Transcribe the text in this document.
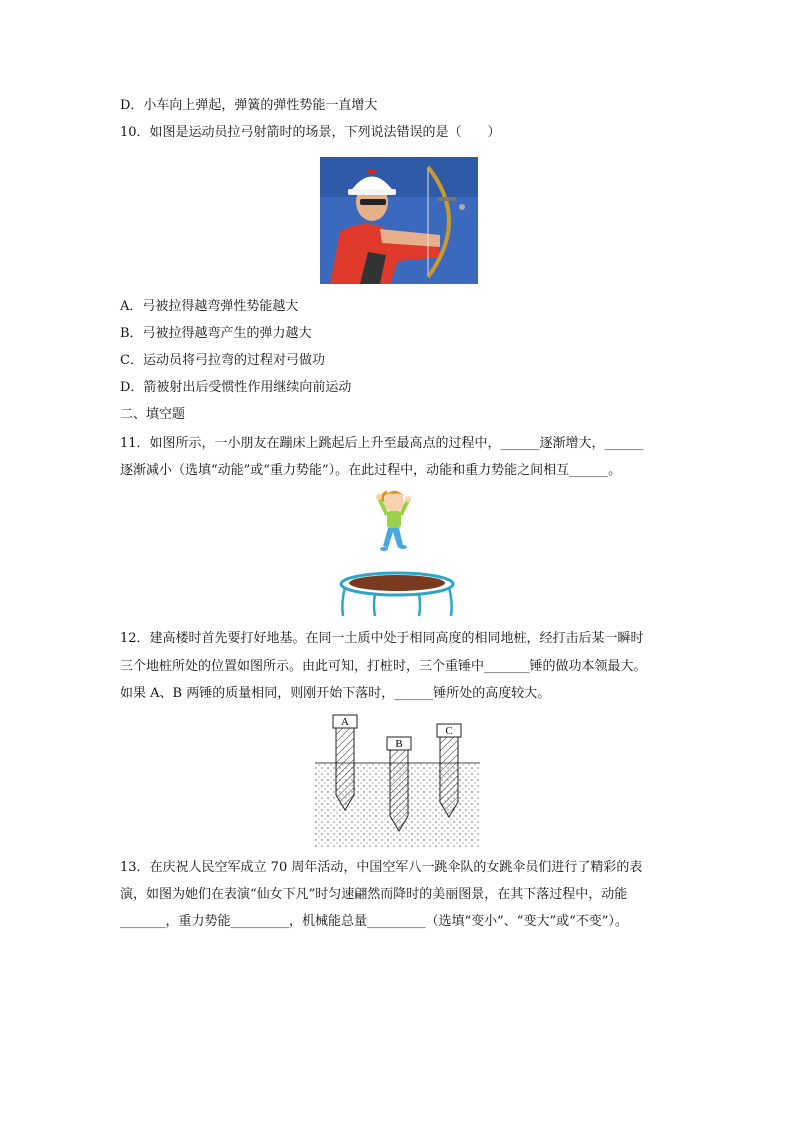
D．小车向上弹起，弹簧的弹性势能一直增大
10．如图是运动员拉弓射箭时的场景，下列说法错误的是（　　）
A．弓被拉得越弯弹性势能越大
B．弓被拉得越弯产生的弹力越大
C．运动员将弓拉弯的过程对弓做功
D．箭被射出后受惯性作用继续向前运动
二、填空题
11．如图所示，一小朋友在蹦床上跳起后上升至最高点的过程中，______逐渐增大，______
逐渐减小（选填“动能”或“重力势能”）。在此过程中，动能和重力势能之间相互______。
12．建高楼时首先要打好地基。在同一土质中处于相同高度的相同地桩，经打击后某一瞬时
三个地桩所处的位置如图所示。由此可知，打桩时，三个重锤中_______锤的做功本领最大。
如果 A、B 两锤的质量相同，则刚开始下落时，______锤所处的高度较大。
A
B
C
13．在庆祝人民空军成立 70 周年活动，中国空军八一跳伞队的女跳伞员们进行了精彩的表
演，如图为她们在表演“仙女下凡”时匀速翩然而降时的美丽图景，在其下落过程中，动能
_______，重力势能_________，机械能总量_________（选填“变小”、“变大”或“不变”）。
